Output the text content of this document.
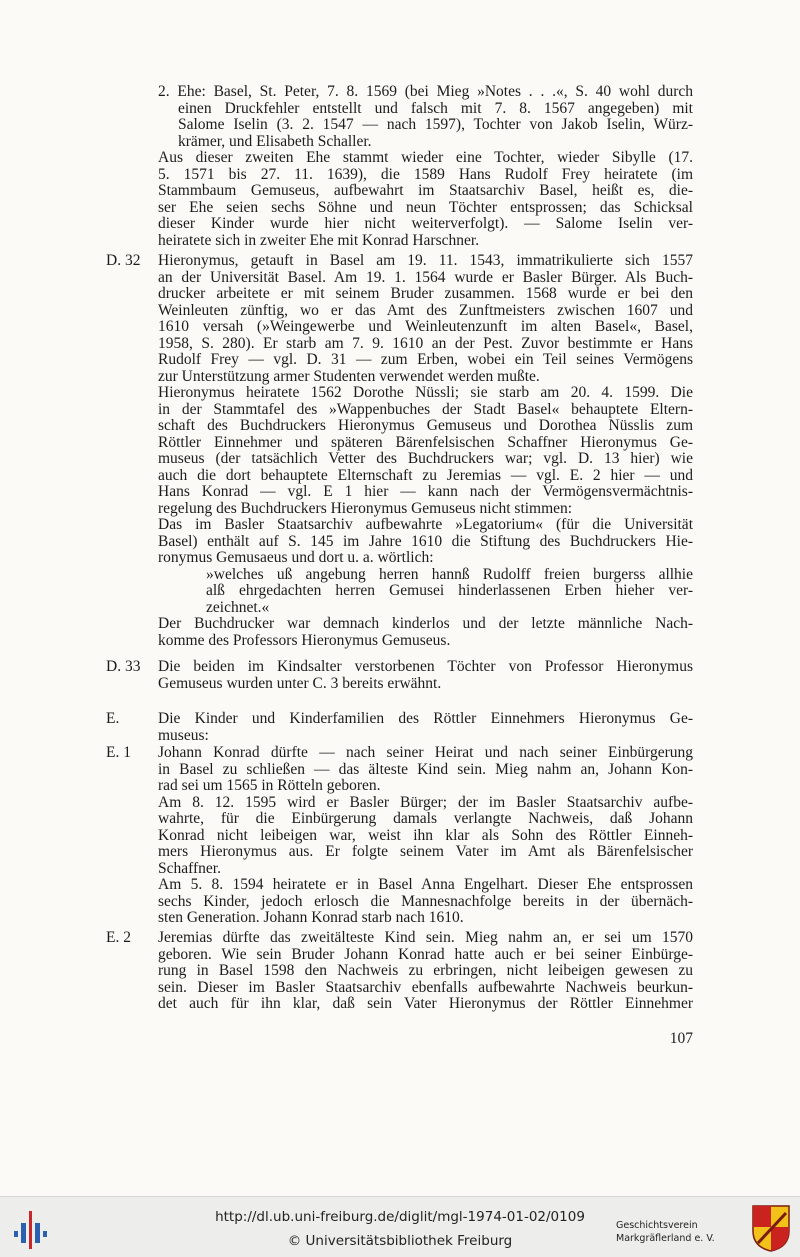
2. Ehe: Basel, St. Peter, 7. 8. 1569 (bei Mieg »Notes . . .«, S. 40 wohl durch
einen Druckfehler entstellt und falsch mit 7. 8. 1567 angegeben) mit
Salome Iselin (3. 2. 1547 — nach 1597), Tochter von Jakob Iselin, Würz-
krämer, und Elisabeth Schaller.
Aus dieser zweiten Ehe stammt wieder eine Tochter, wieder Sibylle (17.
5. 1571 bis 27. 11. 1639), die 1589 Hans Rudolf Frey heiratete (im
Stammbaum Gemuseus, aufbewahrt im Staatsarchiv Basel, heißt es, die-
ser Ehe seien sechs Söhne und neun Töchter entsprossen; das Schicksal
dieser Kinder wurde hier nicht weiterverfolgt). — Salome Iselin ver-
heiratete sich in zweiter Ehe mit Konrad Harschner.
D. 32 Hieronymus, getauft in Basel am 19. 11. 1543, immatrikulierte sich 1557
an der Universität Basel. Am 19. 1. 1564 wurde er Basler Bürger. Als Buch-
drucker arbeitete er mit seinem Bruder zusammen. 1568 wurde er bei den
Weinleuten zünftig, wo er das Amt des Zunftmeisters zwischen 1607 und
1610 versah (»Weingewerbe und Weinleutenzunft im alten Basel«, Basel,
1958, S. 280). Er starb am 7. 9. 1610 an der Pest. Zuvor bestimmte er Hans
Rudolf Frey — vgl. D. 31 — zum Erben, wobei ein Teil seines Vermögens
zur Unterstützung armer Studenten verwendet werden mußte.
Hieronymus heiratete 1562 Dorothe Nüssli; sie starb am 20. 4. 1599. Die
in der Stammtafel des »Wappenbuches der Stadt Basel« behauptete Eltern-
schaft des Buchdruckers Hieronymus Gemuseus und Dorothea Nüsslis zum
Röttler Einnehmer und späteren Bärenfelsischen Schaffner Hieronymus Ge-
museus (der tatsächlich Vetter des Buchdruckers war; vgl. D. 13 hier) wie
auch die dort behauptete Elternschaft zu Jeremias — vgl. E. 2 hier — und
Hans Konrad — vgl. E 1 hier — kann nach der Vermögensvermächtnis-
regelung des Buchdruckers Hieronymus Gemuseus nicht stimmen:
Das im Basler Staatsarchiv aufbewahrte »Legatorium« (für die Universität
Basel) enthält auf S. 145 im Jahre 1610 die Stiftung des Buchdruckers Hie-
ronymus Gemusaeus und dort u. a. wörtlich:
»welches uß angebung herren hannß Rudolff freien burgerss allhie
alß ehrgedachten herren Gemusei hinderlassenen Erben hieher ver-
zeichnet.«
Der Buchdrucker war demnach kinderlos und der letzte männliche Nach-
komme des Professors Hieronymus Gemuseus.
D. 33 Die beiden im Kindsalter verstorbenen Töchter von Professor Hieronymus
Gemuseus wurden unter C. 3 bereits erwähnt.
E. Die Kinder und Kinderfamilien des Röttler Einnehmers Hieronymus Ge-
museus:
E. 1 Johann Konrad dürfte — nach seiner Heirat und nach seiner Einbürgerung
in Basel zu schließen — das älteste Kind sein. Mieg nahm an, Johann Kon-
rad sei um 1565 in Rötteln geboren.
Am 8. 12. 1595 wird er Basler Bürger; der im Basler Staatsarchiv aufbe-
wahrte, für die Einbürgerung damals verlangte Nachweis, daß Johann
Konrad nicht leibeigen war, weist ihn klar als Sohn des Röttler Einneh-
mers Hieronymus aus. Er folgte seinem Vater im Amt als Bärenfelsischer
Schaffner.
Am 5. 8. 1594 heiratete er in Basel Anna Engelhart. Dieser Ehe entsprossen
sechs Kinder, jedoch erlosch die Mannesnachfolge bereits in der übernäch-
sten Generation. Johann Konrad starb nach 1610.
E. 2 Jeremias dürfte das zweitälteste Kind sein. Mieg nahm an, er sei um 1570
geboren. Wie sein Bruder Johann Konrad hatte auch er bei seiner Einbürge-
rung in Basel 1598 den Nachweis zu erbringen, nicht leibeigen gewesen zu
sein. Dieser im Basler Staatsarchiv ebenfalls aufbewahrte Nachweis beurkun-
det auch für ihn klar, daß sein Vater Hieronymus der Röttler Einnehmer
107
http://dl.ub.uni-freiburg.de/diglit/mgl-1974-01-02/0109
© Universitätsbibliothek Freiburg
Geschichtsverein
Markgräflerland e. V.
